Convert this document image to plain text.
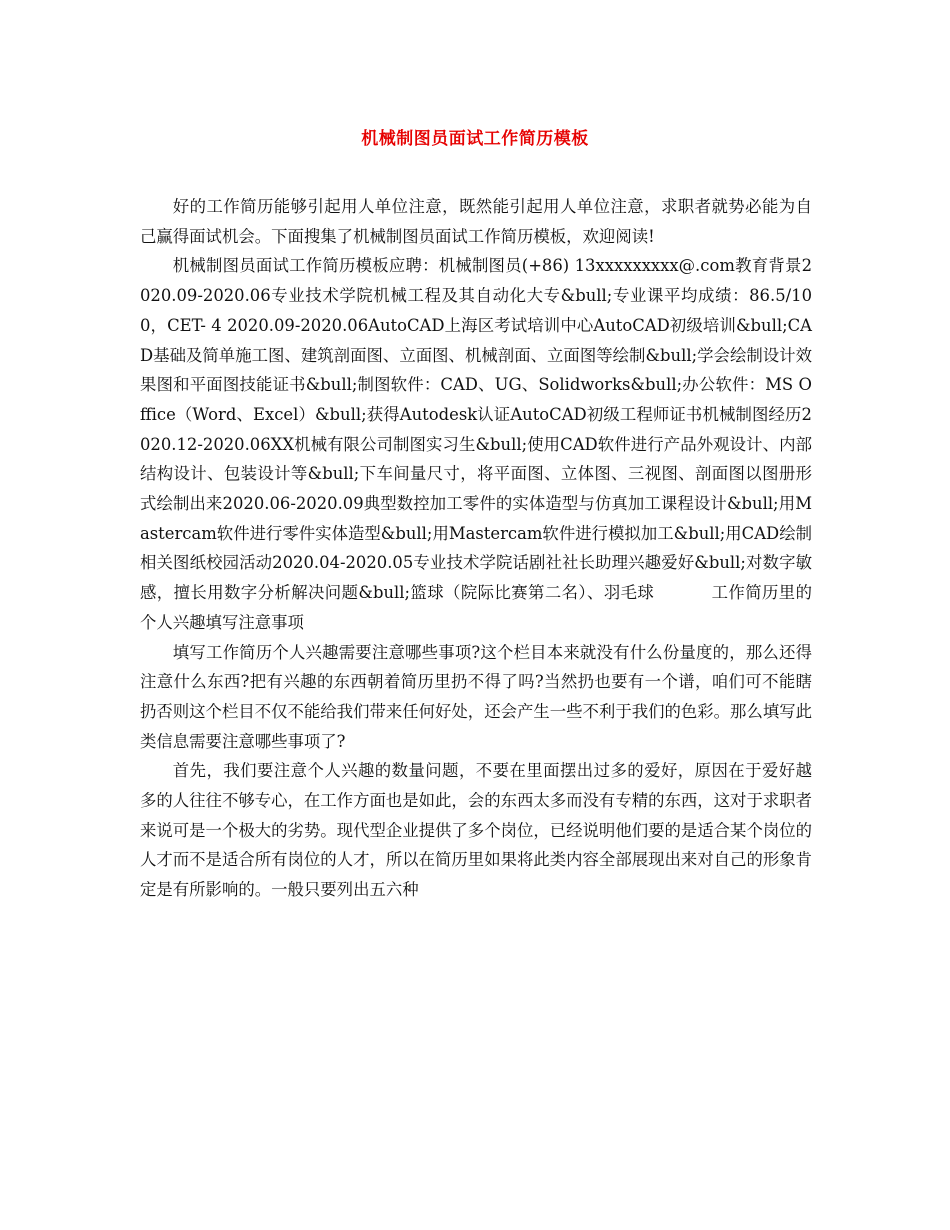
机械制图员面试工作简历模板

好的工作简历能够引起用人单位注意，既然能引起用人单位注意，求职者就势必能为自己赢得面试机会。下面搜集了机械制图员面试工作简历模板，欢迎阅读!

机械制图员面试工作简历模板应聘：机械制图员(+86) 13xxxxxxxxx@.com教育背景2020.09-2020.06专业技术学院机械工程及其自动化大专&bull;专业课平均成绩：86.5/100，CET- 4 2020.09-2020.06AutoCAD上海区考试培训中心AutoCAD初级培训&bull;CAD基础及简单施工图、建筑剖面图、立面图、机械剖面、立面图等绘制&bull;学会绘制设计效果图和平面图技能证书&bull;制图软件：CAD、UG、Solidworks&bull;办公软件：MS Office（Word、Excel）&bull;获得Autodesk认证AutoCAD初级工程师证书机械制图经历2020.12-2020.06XX机械有限公司制图实习生&bull;使用CAD软件进行产品外观设计、内部结构设计、包装设计等&bull;下车间量尺寸，将平面图、立体图、三视图、剖面图以图册形式绘制出来2020.06-2020.09典型数控加工零件的实体造型与仿真加工课程设计&bull;用Mastercam软件进行零件实体造型&bull;用Mastercam软件进行模拟加工&bull;用CAD绘制相关图纸校园活动2020.04-2020.05专业技术学院话剧社社长助理兴趣爱好&bull;对数字敏感，擅长用数字分析解决问题&bull;篮球（院际比赛第二名）、羽毛球	工作简历里的个人兴趣填写注意事项

填写工作简历个人兴趣需要注意哪些事项?这个栏目本来就没有什么份量度的，那么还得注意什么东西?把有兴趣的东西朝着简历里扔不得了吗?当然扔也要有一个谱，咱们可不能瞎扔否则这个栏目不仅不能给我们带来任何好处，还会产生一些不利于我们的色彩。那么填写此类信息需要注意哪些事项了?

首先，我们要注意个人兴趣的数量问题，不要在里面摆出过多的爱好，原因在于爱好越多的人往往不够专心，在工作方面也是如此，会的东西太多而没有专精的东西，这对于求职者来说可是一个极大的劣势。现代型企业提供了多个岗位，已经说明他们要的是适合某个岗位的人才而不是适合所有岗位的人才，所以在简历里如果将此类内容全部展现出来对自己的形象肯定是有所影响的。一般只要列出五六种
